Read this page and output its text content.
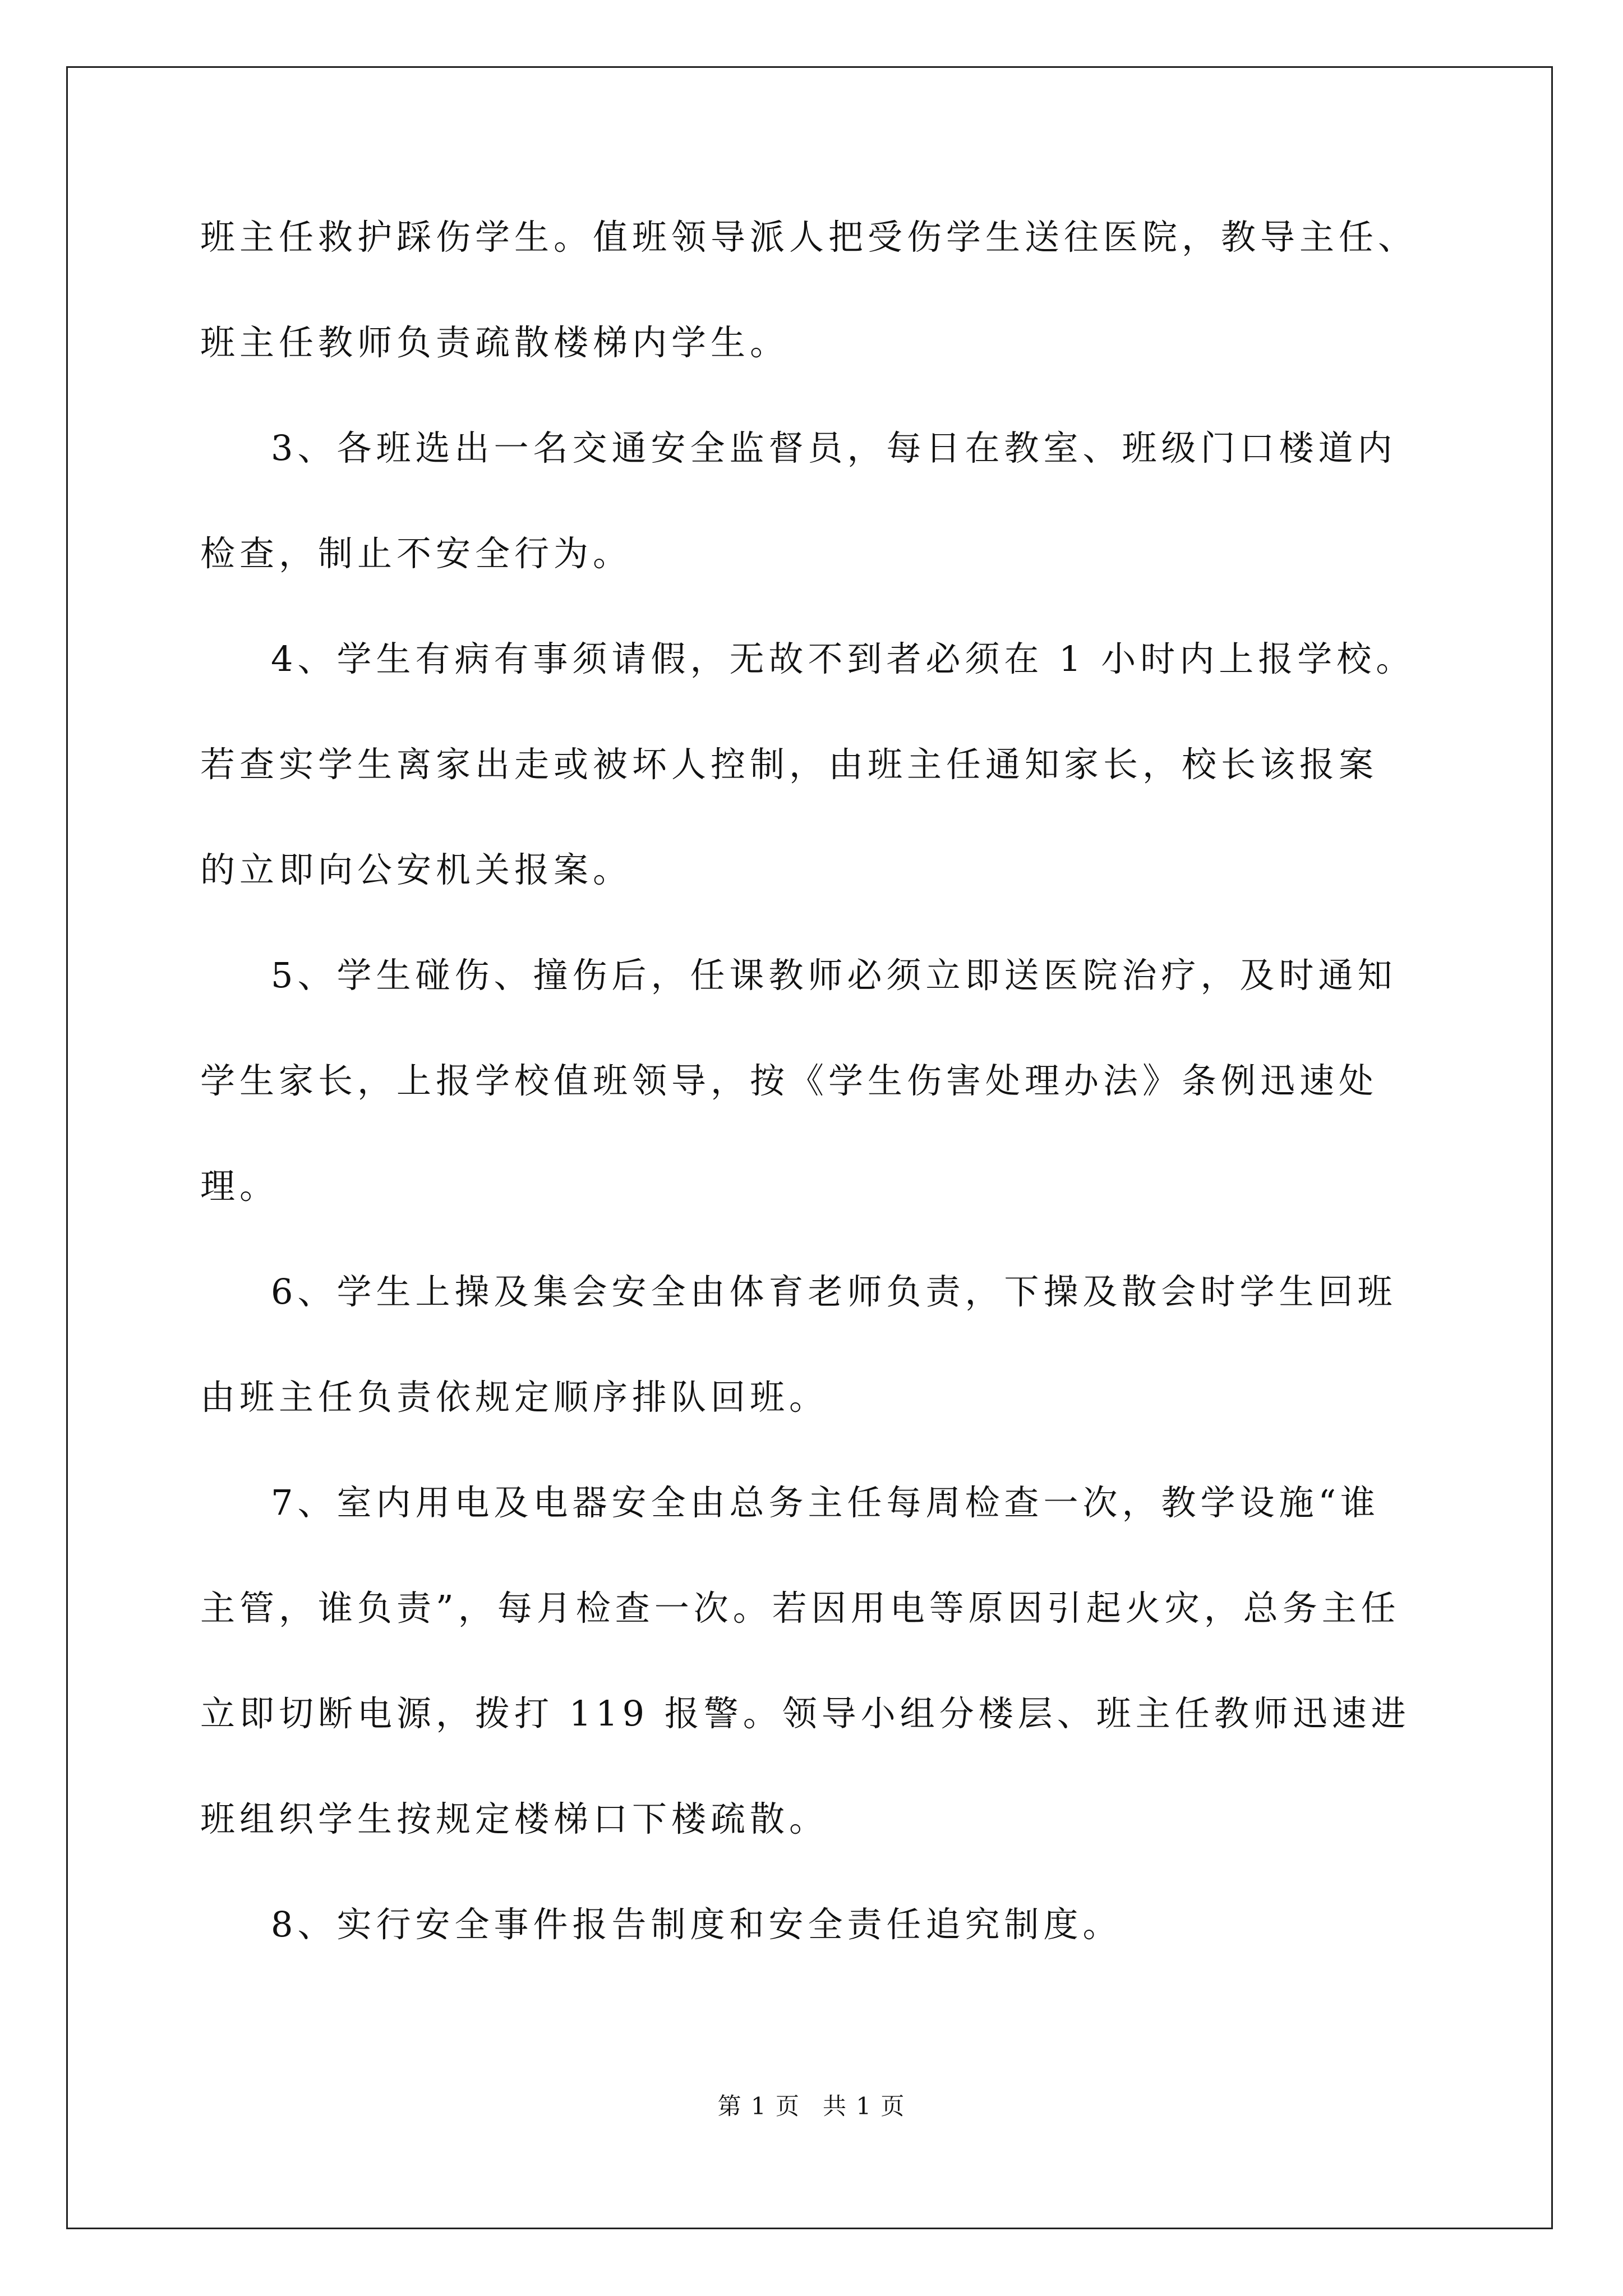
班主任救护踩伤学生。值班领导派人把受伤学生送往医院，教导主任、
班主任教师负责疏散楼梯内学生。
3、各班选出一名交通安全监督员，每日在教室、班级门口楼道内
检查，制止不安全行为。
4、学生有病有事须请假，无故不到者必须在 1 小时内上报学校。
若查实学生离家出走或被坏人控制，由班主任通知家长，校长该报案
的立即向公安机关报案。
5、学生碰伤、撞伤后，任课教师必须立即送医院治疗，及时通知
学生家长，上报学校值班领导，按《学生伤害处理办法》条例迅速处
理。
6、学生上操及集会安全由体育老师负责，下操及散会时学生回班
由班主任负责依规定顺序排队回班。
7、室内用电及电器安全由总务主任每周检查一次，教学设施“谁
主管，谁负责”，每月检查一次。若因用电等原因引起火灾，总务主任
立即切断电源，拨打 119 报警。领导小组分楼层、班主任教师迅速进
班组织学生按规定楼梯口下楼疏散。
8、实行安全事件报告制度和安全责任追究制度。
第 1 页 共 1 页
